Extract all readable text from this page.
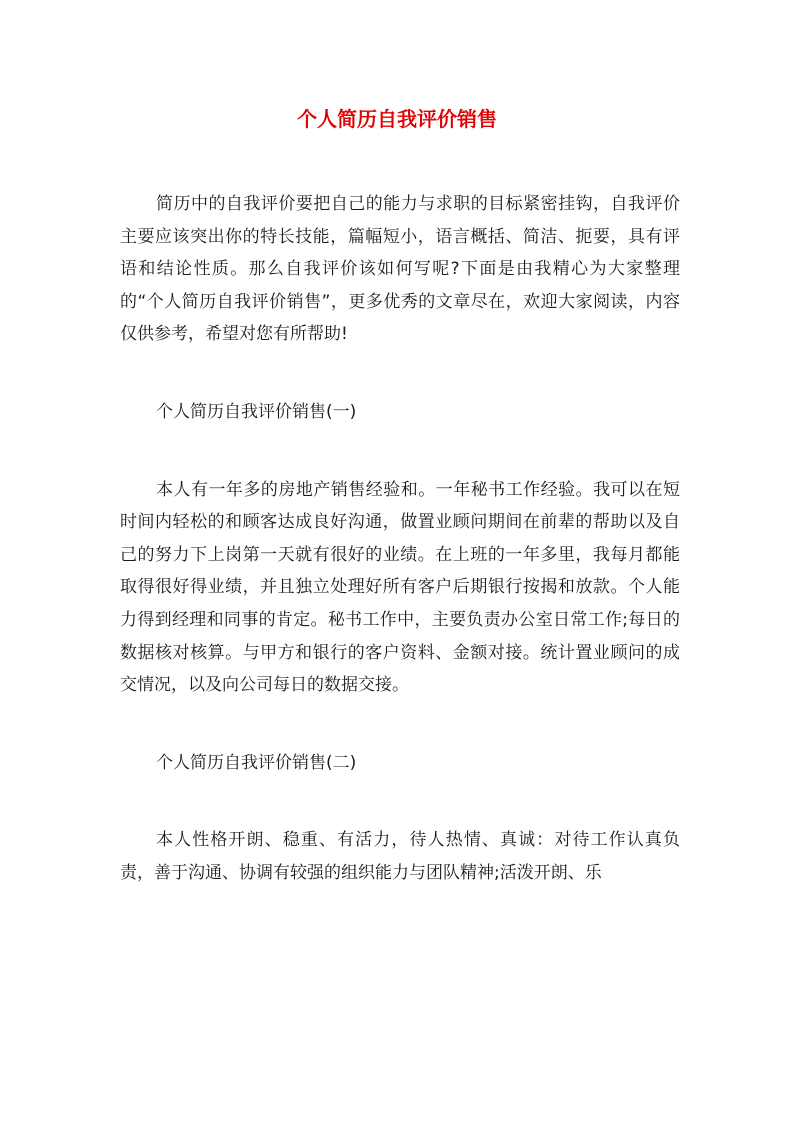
个人简历自我评价销售

简历中的自我评价要把自己的能力与求职的目标紧密挂钩，自我评价主要应该突出你的特长技能，篇幅短小，语言概括、简洁、扼要，具有评语和结论性质。那么自我评价该如何写呢?下面是由我精心为大家整理的“个人简历自我评价销售”，更多优秀的文章尽在，欢迎大家阅读，内容仅供参考，希望对您有所帮助!

个人简历自我评价销售(一)

本人有一年多的房地产销售经验和。一年秘书工作经验。我可以在短时间内轻松的和顾客达成良好沟通，做置业顾问期间在前辈的帮助以及自己的努力下上岗第一天就有很好的业绩。在上班的一年多里，我每月都能取得很好得业绩，并且独立处理好所有客户后期银行按揭和放款。个人能力得到经理和同事的肯定。秘书工作中，主要负责办公室日常工作;每日的数据核对核算。与甲方和银行的客户资料、金额对接。统计置业顾问的成交情况，以及向公司每日的数据交接。

个人简历自我评价销售(二)

本人性格开朗、稳重、有活力，待人热情、真诚：对待工作认真负责，善于沟通、协调有较强的组织能力与团队精神;活泼开朗、乐
